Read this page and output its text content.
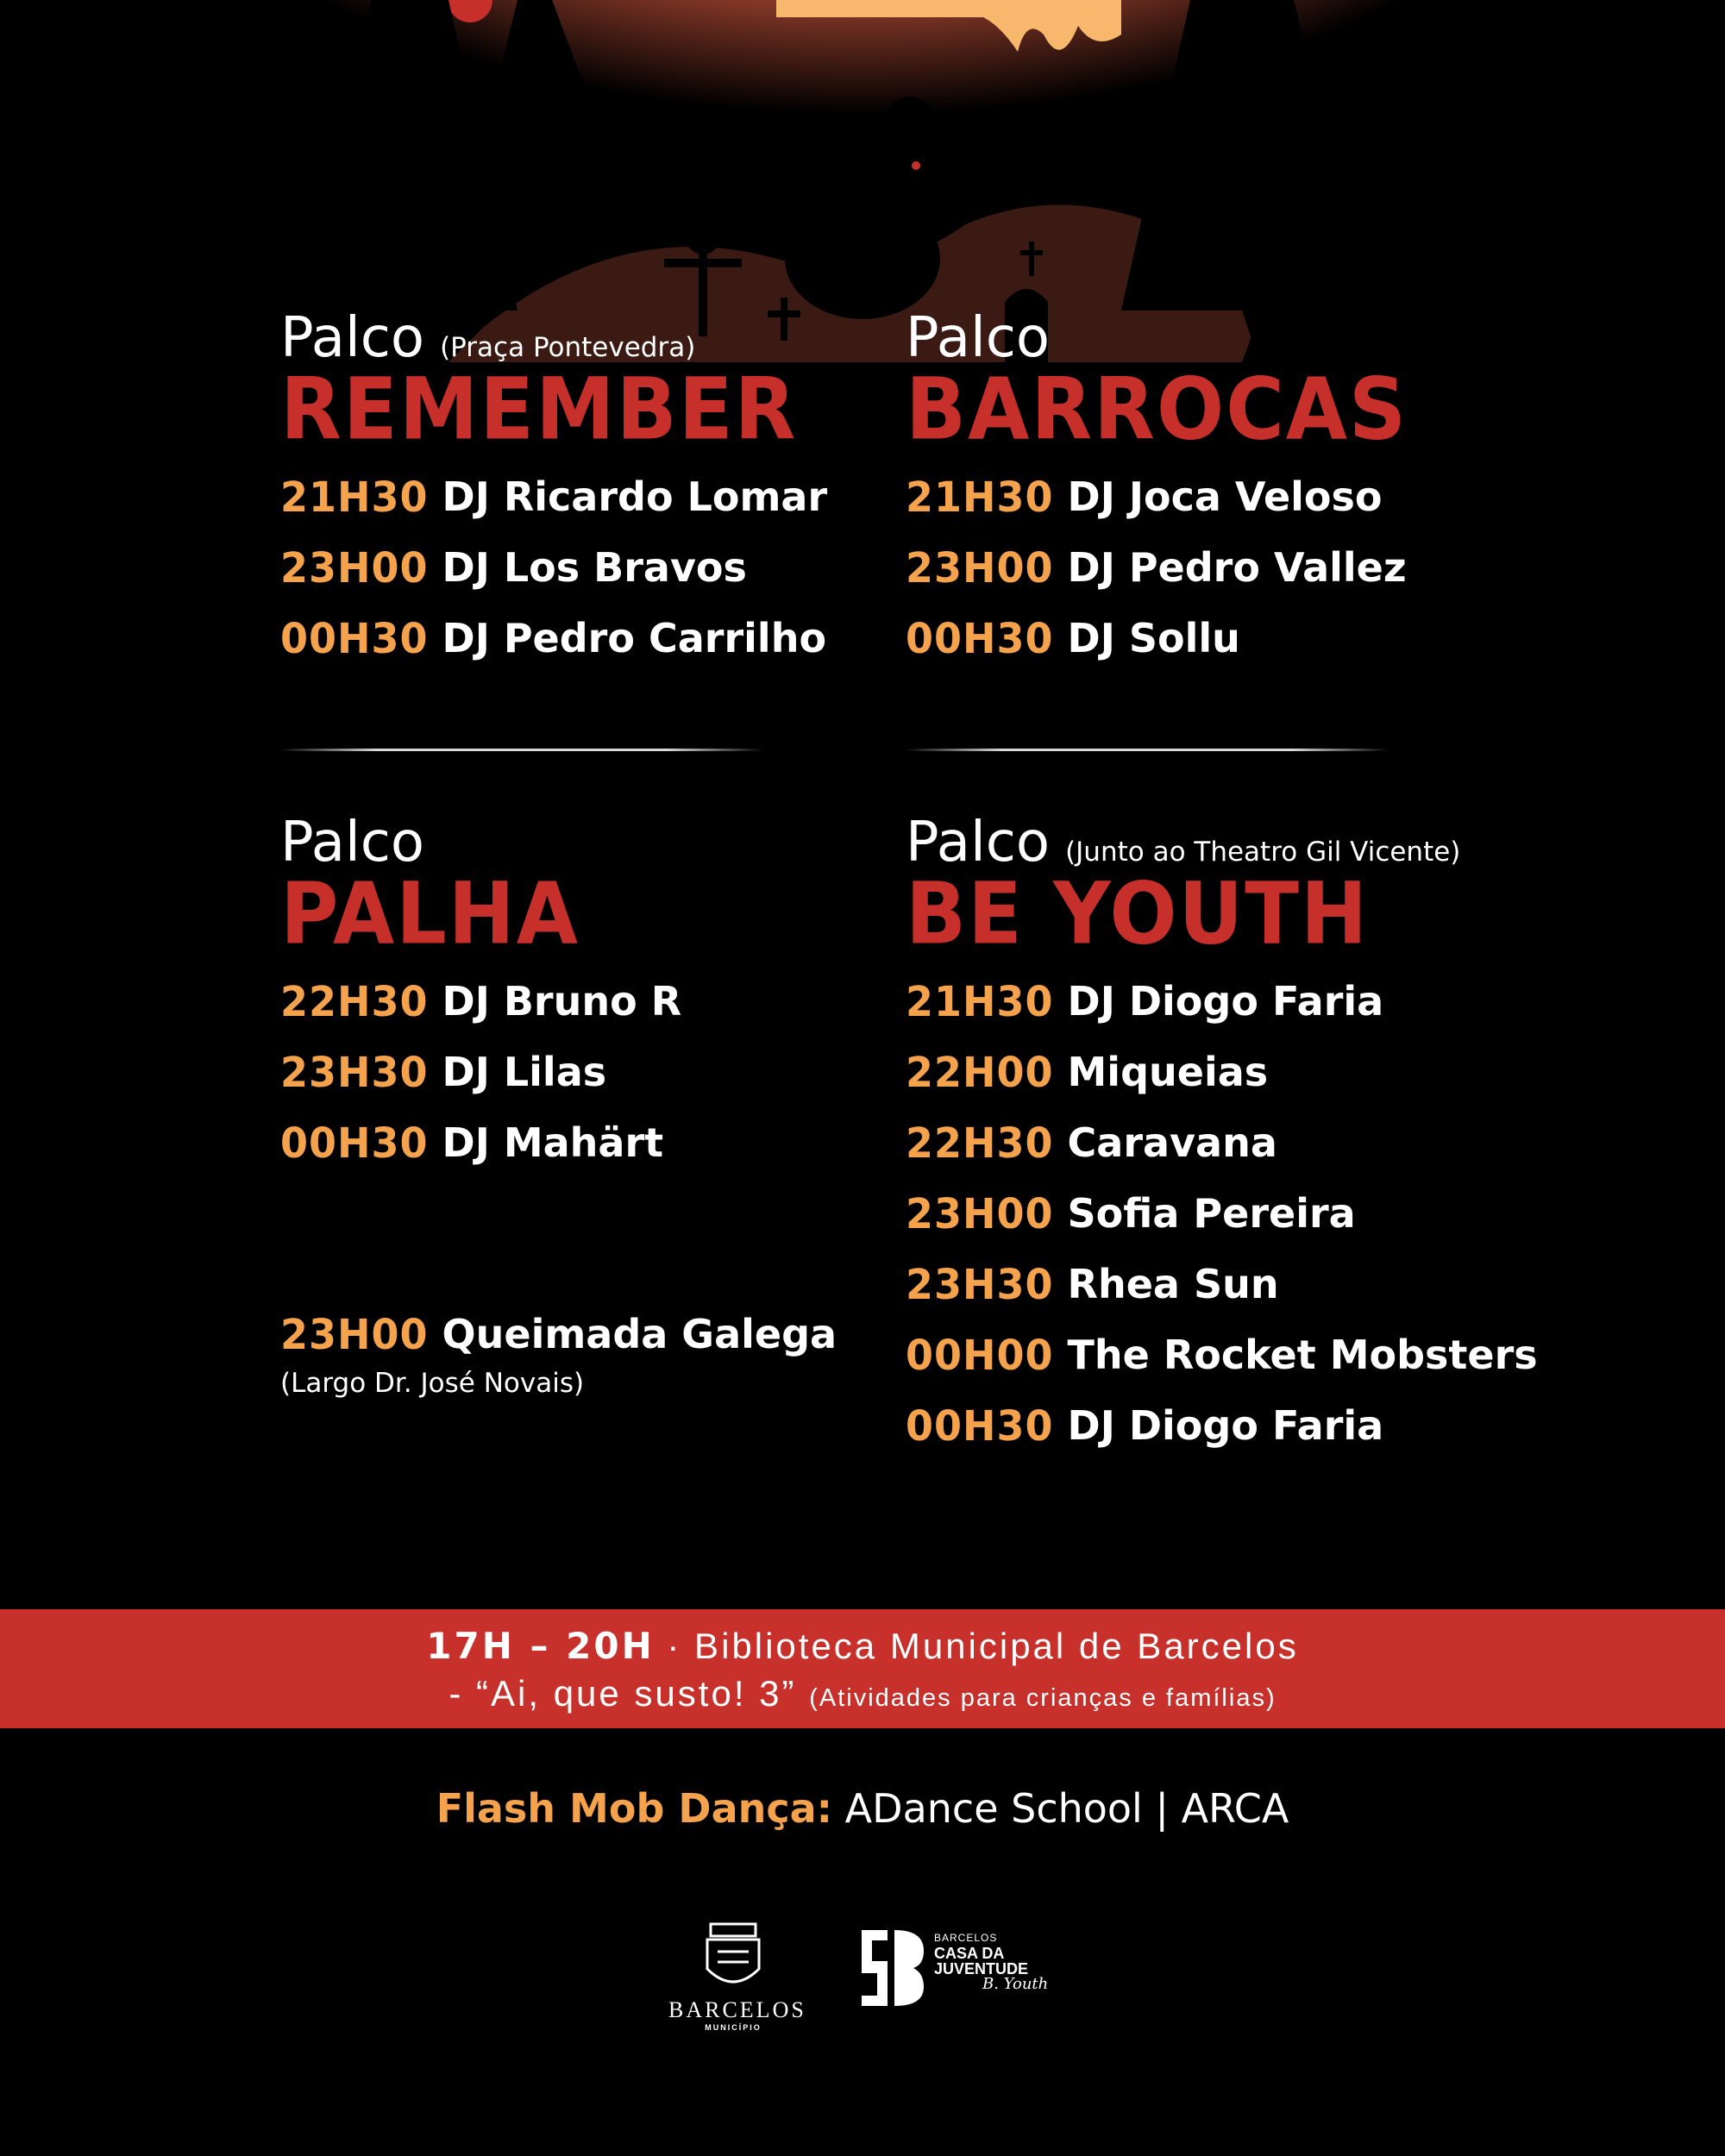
Palco (Praça Pontevedra)
REMEMBER
21H30 DJ Ricardo Lomar
23H00 DJ Los Bravos
00H30 DJ Pedro Carrilho
Palco
BARROCAS
21H30 DJ Joca Veloso
23H00 DJ Pedro Vallez
00H30 DJ Sollu
Palco
PALHA
22H30 DJ Bruno R
23H30 DJ Lilas
00H30 DJ Mahärt
23H00 Queimada Galega
(Largo Dr. José Novais)
Palco (Junto ao Theatro Gil Vicente)
BE YOUTH
21H30 DJ Diogo Faria
22H00 Miqueias
22H30 Caravana
23H00 Sofia Pereira
23H30 Rhea Sun
00H00 The Rocket Mobsters
00H30 DJ Diogo Faria
17H – 20H · Biblioteca Municipal de Barcelos
- “Ai, que susto! 3” (Atividades para crianças e famílias)
Flash Mob Dança: ADance School | ARCA
BARCELOS
MUNICÍPIO
BARCELOS
CASA DA
JUVENTUDE
B. Youth
